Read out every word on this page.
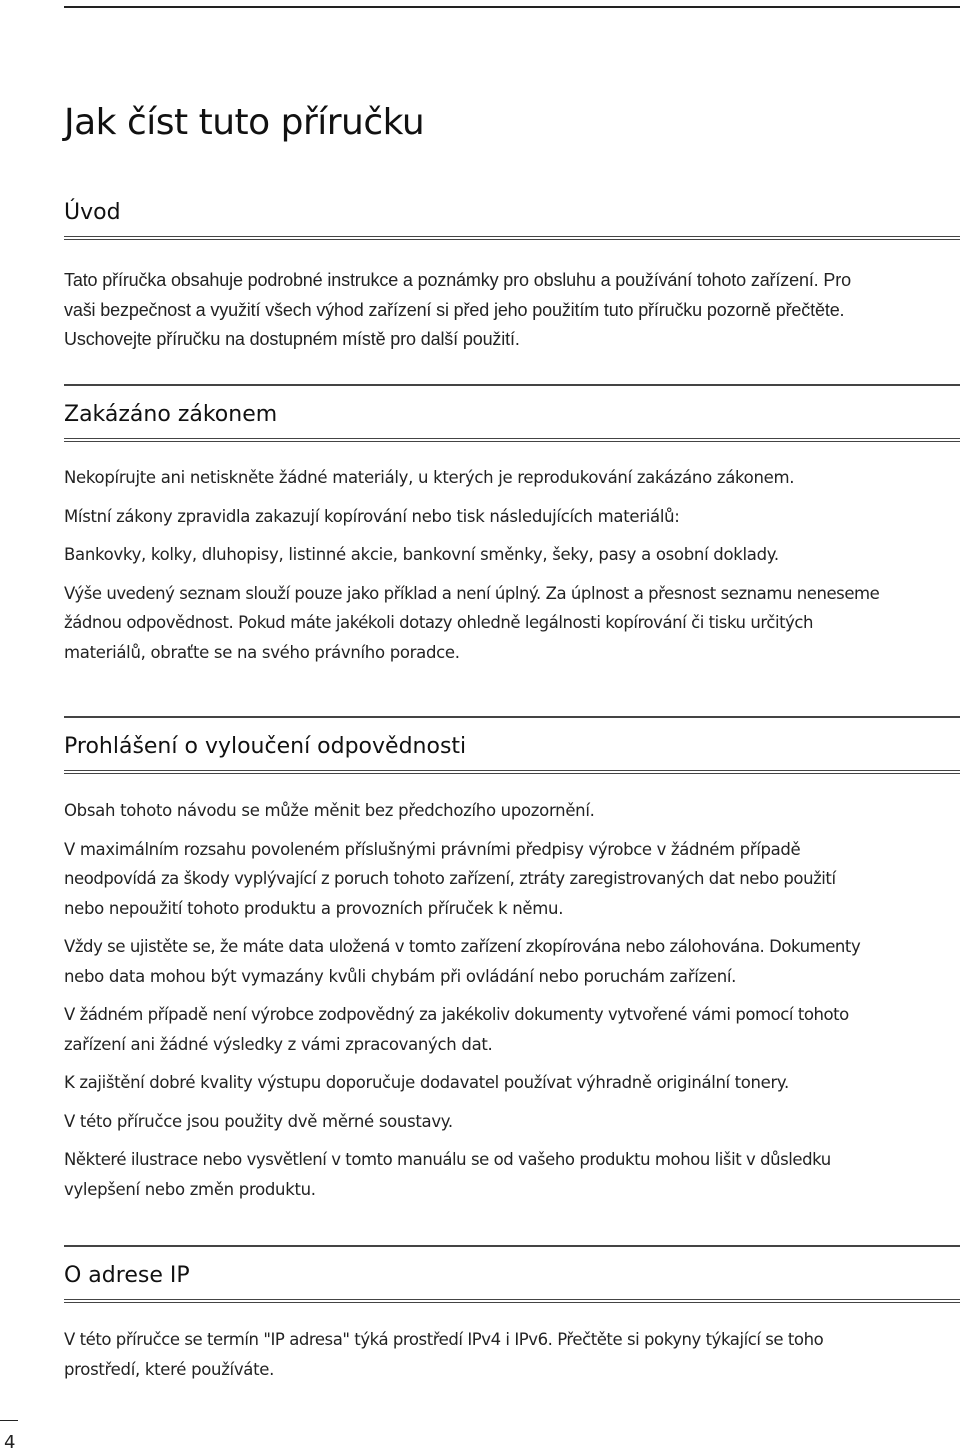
Jak číst tuto příručku
Úvod

Tato příručka obsahuje podrobné instrukce a poznámky pro obsluhu a používání tohoto zařízení. Pro

vaši bezpečnost a využití všech výhod zařízení si před jeho použitím tuto příručku pozorně přečtěte.

Uschovejte příručku na dostupném místě pro další použití.

Zakázáno zákonem

Nekopírujte ani netiskněte žádné materiály, u kterých je reprodukování zakázáno zákonem.

Místní zákony zpravidla zakazují kopírování nebo tisk následujících materiálů:

Bankovky, kolky, dluhopisy, listinné akcie, bankovní směnky, šeky, pasy a osobní doklady.

Výše uvedený seznam slouží pouze jako příklad a není úplný. Za úplnost a přesnost seznamu neneseme

žádnou odpovědnost. Pokud máte jakékoli dotazy ohledně legálnosti kopírování či tisku určitých

materiálů, obraťte se na svého právního poradce.

Prohlášení o vyloučení odpovědnosti

Obsah tohoto návodu se může měnit bez předchozího upozornění.

V maximálním rozsahu povoleném příslušnými právními předpisy výrobce v žádném případě

neodpovídá za škody vyplývající z poruch tohoto zařízení, ztráty zaregistrovaných dat nebo použití

nebo nepoužití tohoto produktu a provozních příruček k němu.

Vždy se ujistěte se, že máte data uložená v tomto zařízení zkopírována nebo zálohována. Dokumenty

nebo data mohou být vymazány kvůli chybám při ovládání nebo poruchám zařízení.

V žádném případě není výrobce zodpovědný za jakékoliv dokumenty vytvořené vámi pomocí tohoto

zařízení ani žádné výsledky z vámi zpracovaných dat.

K zajištění dobré kvality výstupu doporučuje dodavatel používat výhradně originální tonery.

V této příručce jsou použity dvě měrné soustavy.

Některé ilustrace nebo vysvětlení v tomto manuálu se od vašeho produktu mohou lišit v důsledku

vylepšení nebo změn produktu.

O adrese IP

V této příručce se termín "IP adresa" týká prostředí IPv4 i IPv6. Přečtěte si pokyny týkající se toho

prostředí, které používáte.

4
